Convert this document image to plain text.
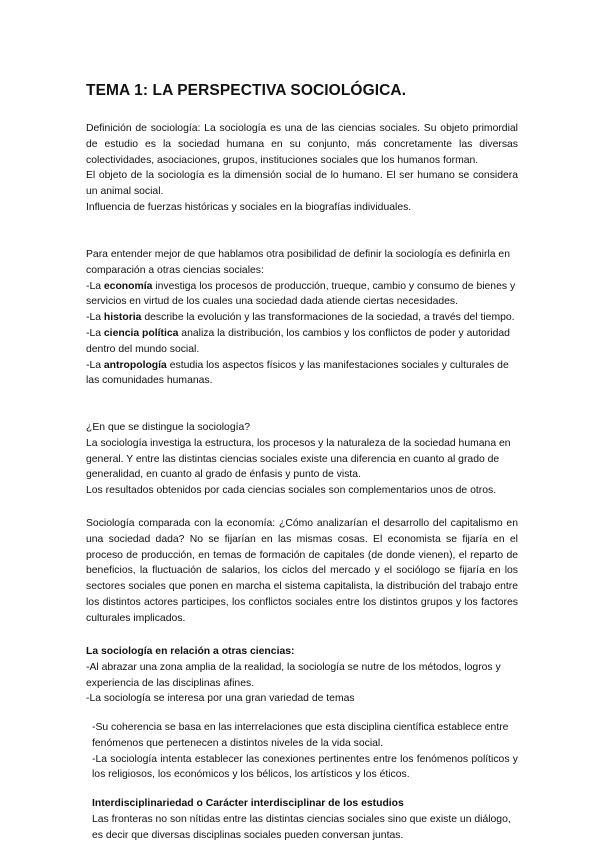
TEMA 1: LA PERSPECTIVA SOCIOLÓGICA.

Definición de sociología: La sociología es una de las ciencias sociales. Su objeto primordial de estudio es la sociedad humana en su conjunto, más concretamente las diversas colectividades, asociaciones, grupos, instituciones sociales que los humanos forman.

El objeto de la sociología es la dimensión social de lo humano. El ser humano se considera un animal social.

Influencia de fuerzas históricas y sociales en la biografías individuales.

Para entender mejor de que hablamos otra posibilidad de definir la sociología es definirla en comparación a otras ciencias sociales:

-La economía investiga los procesos de producción, trueque, cambio y consumo de bienes y servicios en virtud de los cuales una sociedad dada atiende ciertas necesidades.

-La historia describe la evolución y las transformaciones de la sociedad, a través del tiempo.

-La ciencia política analiza la distribución, los cambios y los conflictos de poder y autoridad dentro del mundo social.

-La antropología estudia los aspectos físicos y las manifestaciones sociales y culturales de las comunidades humanas.

¿En que se distingue la sociología?

La sociología investiga la estructura, los procesos y la naturaleza de la sociedad humana en general. Y entre las distintas ciencias sociales existe una diferencia en cuanto al grado de generalidad, en cuanto al grado de énfasis y punto de vista.

Los resultados obtenidos por cada ciencias sociales son complementarios unos de otros.

Sociología comparada con la economía: ¿Cómo analizarían el desarrollo del capitalismo en una sociedad dada? No se fijarían en las mismas cosas. El economista se fijaría en el proceso de producción, en temas de formación de capitales (de donde vienen), el reparto de beneficios, la fluctuación de salarios, los ciclos del mercado y el sociólogo se fijaría en los sectores sociales que ponen en marcha el sistema capitalista, la distribución del trabajo entre los distintos actores participes, los conflictos sociales entre los distintos grupos y los factores culturales implicados.

La sociología en relación a otras ciencias:

-Al abrazar una zona amplia de la realidad, la sociología se nutre de los métodos, logros y experiencia de las disciplinas afines.

-La sociología se interesa por una gran variedad de temas

-Su coherencia se basa en las interrelaciones que esta disciplina científica establece entre fenómenos que pertenecen a distintos niveles de la vida social.

-La sociología intenta establecer las conexiones pertinentes entre los fenómenos políticos y los religiosos, los económicos y los bélicos, los artísticos y los éticos.

Interdisciplinariedad o Carácter interdisciplinar de los estudios

Las fronteras no son nítidas entre las distintas ciencias sociales sino que existe un diálogo, es decir que diversas disciplinas sociales pueden conversan juntas.
